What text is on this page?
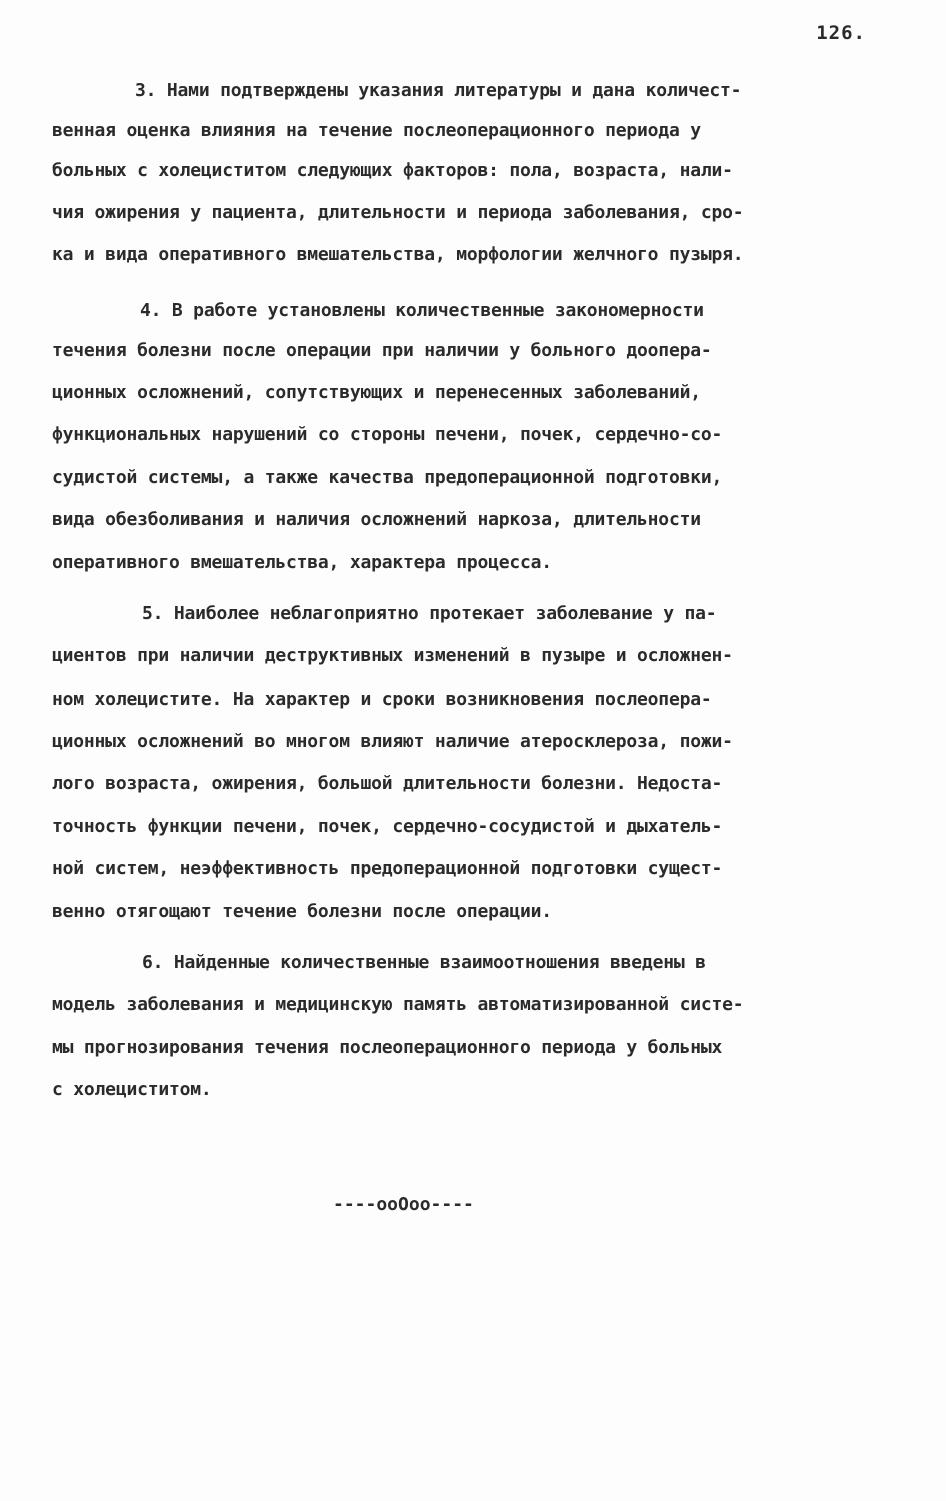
126.
3. Нами подтверждены указания литературы и дана количест-
венная оценка влияния на течение послеоперационного периода у
больных с холециститом следующих факторов: пола, возраста, нали-
чия ожирения у пациента, длительности и периода заболевания, сро-
ка и вида оперативного вмешательства, морфологии желчного пузыря.
4. В работе установлены количественные закономерности
течения болезни после операции при наличии у больного доопера-
ционных осложнений, сопутствующих и перенесенных заболеваний,
функциональных нарушений со стороны печени, почек, сердечно-со-
судистой системы, а также качества предоперационной подготовки,
вида обезболивания и наличия осложнений наркоза, длительности
оперативного вмешательства, характера процесса.
5. Наиболее неблагоприятно протекает заболевание у па-
циентов при наличии деструктивных изменений в пузыре и осложнен-
ном холецистите. На характер и сроки возникновения послеопера-
ционных осложнений во многом влияют наличие атеросклероза, пожи-
лого возраста, ожирения, большой длительности болезни. Недоста-
точность функции печени, почек, сердечно-сосудистой и дыхатель-
ной систем, неэффективность предоперационной подготовки сущест-
венно отягощают течение болезни после операции.
6. Найденные количественные взаимоотношения введены в
модель заболевания и медицинскую память автоматизированной систе-
мы прогнозирования течения послеоперационного периода у больных
с холециститом.
----ooOoo----
